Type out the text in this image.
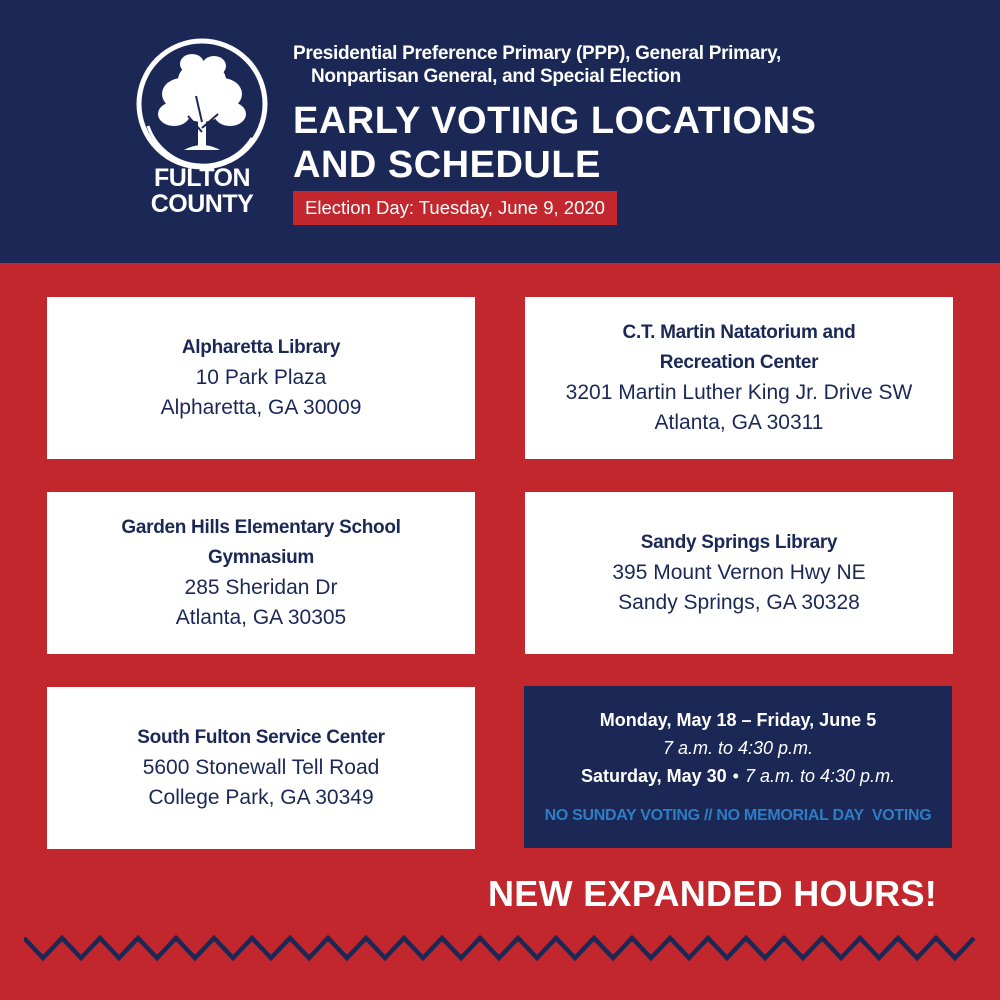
FULTON
COUNTY
Presidential Preference Primary (PPP), General Primary,
Nonpartisan General, and Special Election
EARLY VOTING LOCATIONS
AND SCHEDULE
Election Day: Tuesday, June 9, 2020
Alpharetta Library
10 Park Plaza
Alpharetta, GA 30009
C.T. Martin Natatorium and
Recreation Center
3201 Martin Luther King Jr. Drive SW
Atlanta, GA 30311
Garden Hills Elementary School
Gymnasium
285 Sheridan Dr
Atlanta, GA 30305
Sandy Springs Library
395 Mount Vernon Hwy NE
Sandy Springs, GA 30328
South Fulton Service Center
5600 Stonewall Tell Road
College Park, GA 30349
Monday, May 18 – Friday, June 5
7 a.m. to 4:30 p.m.
Saturday, May 30 • 7 a.m. to 4:30 p.m.
NO SUNDAY VOTING // NO MEMORIAL DAY  VOTING
NEW EXPANDED HOURS!
